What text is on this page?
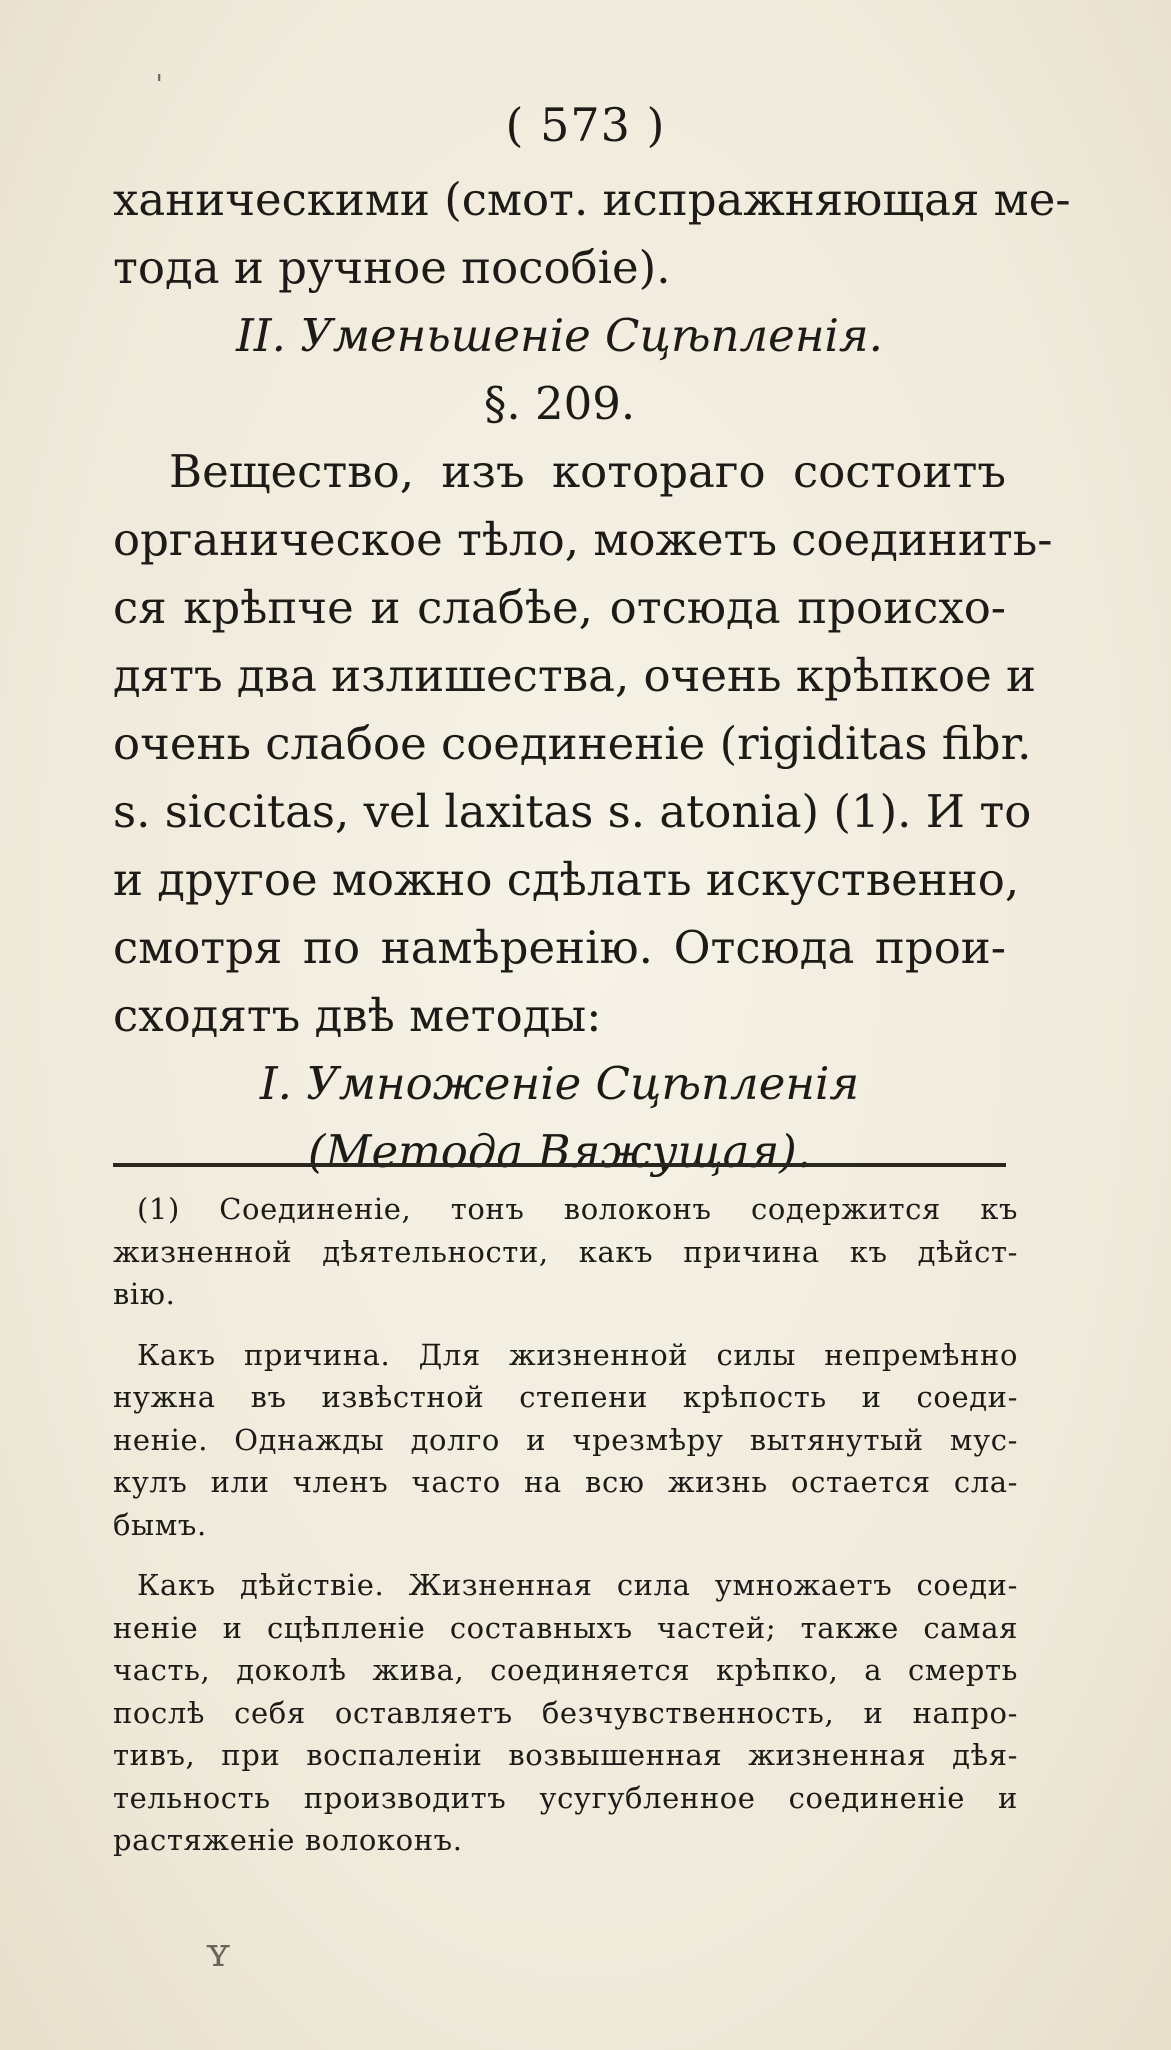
( 573 )
ханическими (смот. испражняющая ме-
тода и ручное пособіе).
II. Уменьшеніе Сцѣпленія.
§. 209.
Вещество, изъ котораго состоитъ
органическое тѣло, можетъ соединить-
ся крѣпче и слабѣе, отсюда происхо-
дятъ два излишества, очень крѣпкое и
очень слабое соединеніе (rigiditas fibr.
s. siccitas, vel laxitas s. atonia) (1). И то
и другое можно сдѣлать искуственно,
смотря по намѣренію. Отсюда прои-
сходятъ двѣ методы:
I. Умноженіе Сцѣпленія
(Метода Вяжущая).
(1) Соединеніе, тонъ волоконъ содержится къ
жизненной дѣятельности, какъ причина къ дѣйст-
вію.
Какъ причина. Для жизненной силы непремѣнно
нужна въ извѣстной степени крѣпость и соеди-
неніе. Однажды долго и чрезмѣру вытянутый мус-
кулъ или членъ часто на всю жизнь остается сла-
бымъ.
Какъ дѣйствіе. Жизненная сила умножаетъ соеди-
неніе и сцѣпленіе составныхъ частей; также самая
часть, доколѣ жива, соединяется крѣпко, а смерть
послѣ себя оставляетъ безчувственность, и напро-
тивъ, при воспаленіи возвышенная жизненная дѣя-
тельность производитъ усугубленное соединеніе и
растяженіе волоконъ.
ˈ
ʏ
